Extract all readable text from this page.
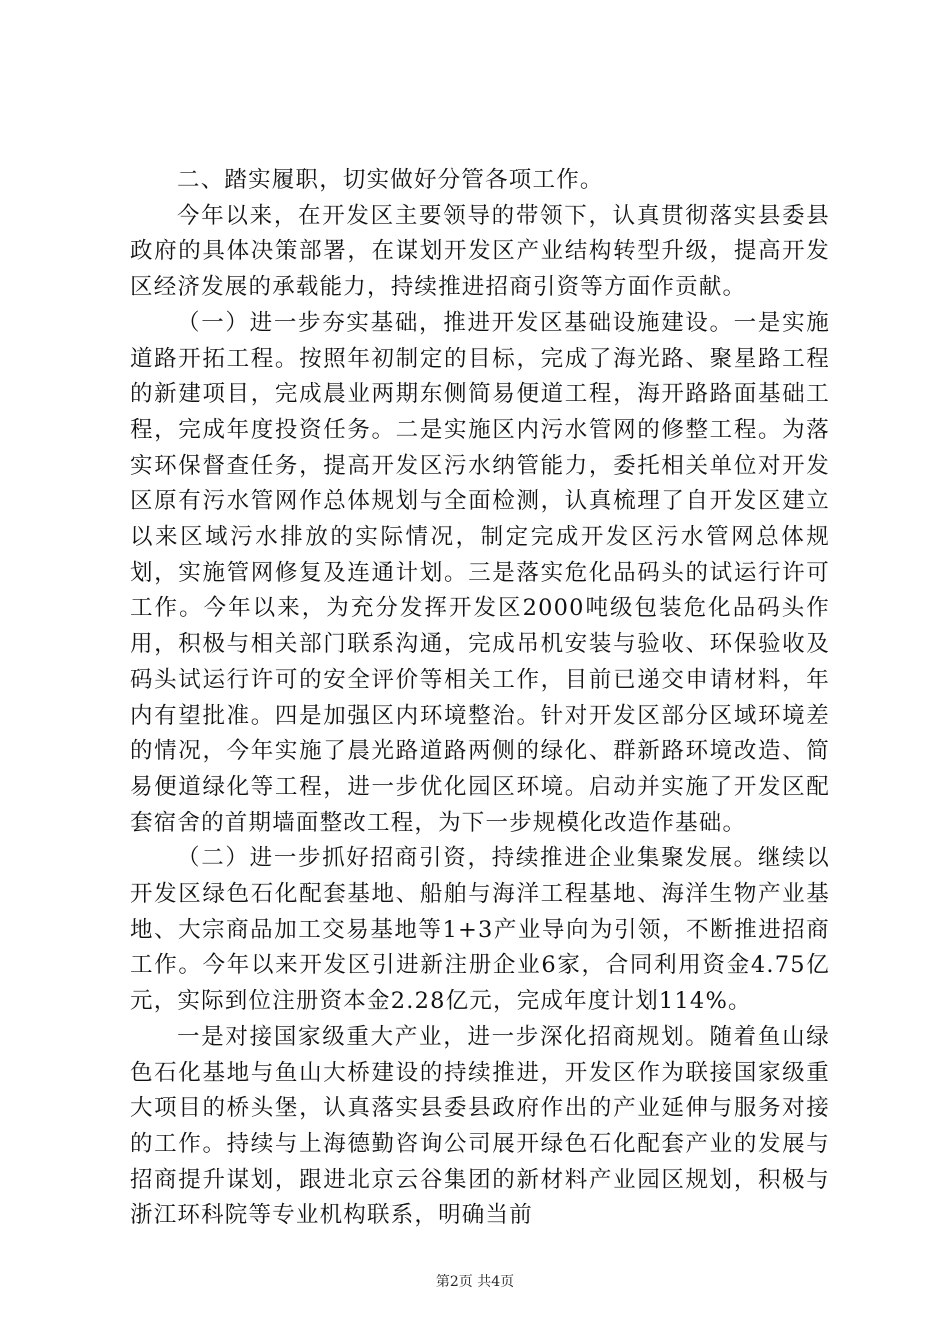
二、踏实履职，切实做好分管各项工作。

今年以来，在开发区主要领导的带领下，认真贯彻落实县委县政府的具体决策部署，在谋划开发区产业结构转型升级，提高开发区经济发展的承载能力，持续推进招商引资等方面作贡献。

（一）进一步夯实基础，推进开发区基础设施建设。一是实施道路开拓工程。按照年初制定的目标，完成了海光路、聚星路工程的新建项目，完成晨业两期东侧简易便道工程，海开路路面基础工程，完成年度投资任务。二是实施区内污水管网的修整工程。为落实环保督查任务，提高开发区污水纳管能力，委托相关单位对开发区原有污水管网作总体规划与全面检测，认真梳理了自开发区建立以来区域污水排放的实际情况，制定完成开发区污水管网总体规划，实施管网修复及连通计划。三是落实危化品码头的试运行许可工作。今年以来，为充分发挥开发区2000吨级包装危化品码头作用，积极与相关部门联系沟通，完成吊机安装与验收、环保验收及码头试运行许可的安全评价等相关工作，目前已递交申请材料，年内有望批准。四是加强区内环境整治。针对开发区部分区域环境差的情况，今年实施了晨光路道路两侧的绿化、群新路环境改造、简易便道绿化等工程，进一步优化园区环境。启动并实施了开发区配套宿舍的首期墙面整改工程，为下一步规模化改造作基础。

（二）进一步抓好招商引资，持续推进企业集聚发展。继续以开发区绿色石化配套基地、船舶与海洋工程基地、海洋生物产业基地、大宗商品加工交易基地等1+3产业导向为引领，不断推进招商工作。今年以来开发区引进新注册企业6家，合同利用资金4.75亿元，实际到位注册资本金2.28亿元，完成年度计划114%。

一是对接国家级重大产业，进一步深化招商规划。随着鱼山绿色石化基地与鱼山大桥建设的持续推进，开发区作为联接国家级重大项目的桥头堡，认真落实县委县政府作出的产业延伸与服务对接的工作。持续与上海德勤咨询公司展开绿色石化配套产业的发展与招商提升谋划，跟进北京云谷集团的新材料产业园区规划，积极与浙江环科院等专业机构联系，明确当前

第2页 共4页
